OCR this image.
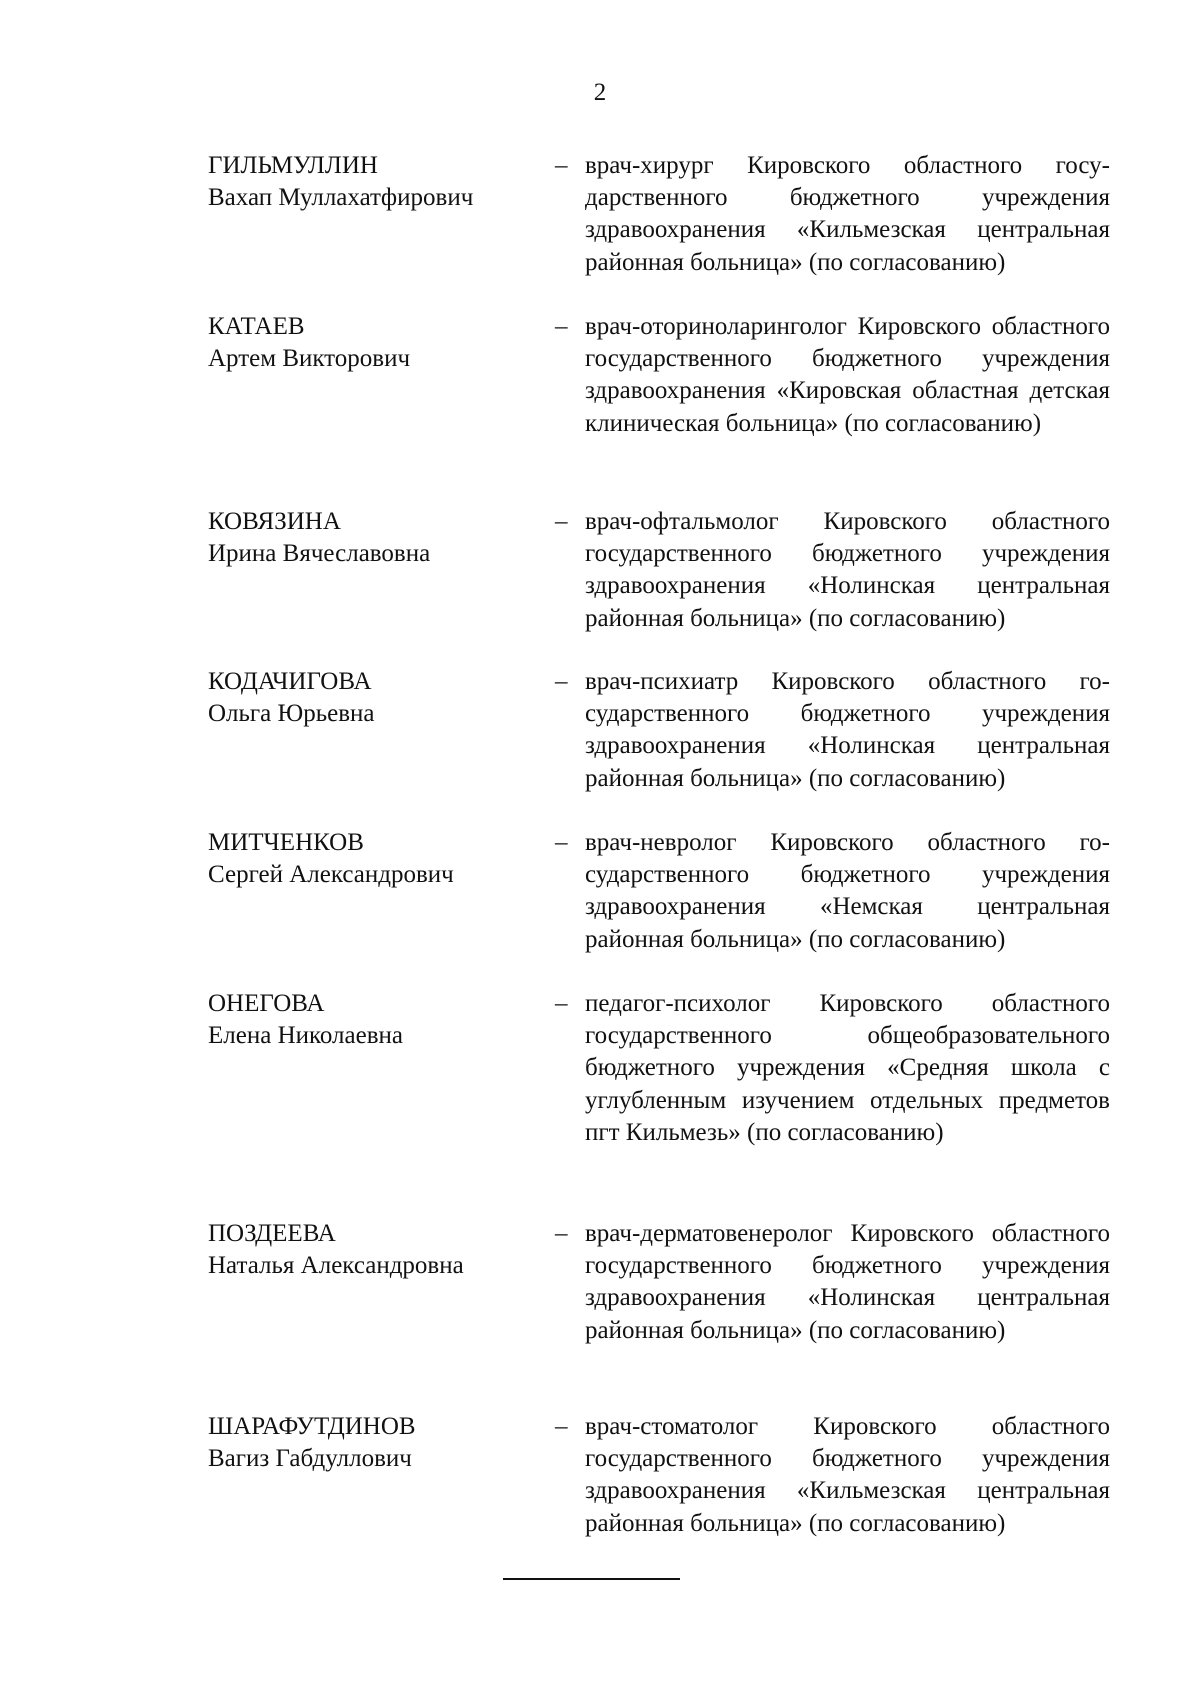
2
ГИЛЬМУЛЛИН
Вахап Муллахатфирович
– врач-хирург Кировского областного государственного бюджетного учреждения здравоохранения «Кильмезская центральная районная больница» (по согласованию)
КАТАЕВ
Артем Викторович
– врач-оториноларинголог Кировского областного государственного бюджетного учреждения здравоохранения «Кировская областная детская клиническая больница» (по согласованию)
КОВЯЗИНА
Ирина Вячеславовна
– врач-офтальмолог Кировского областного государственного бюджетного учреждения здравоохранения «Нолинская центральная районная больница» (по согласованию)
КОДАЧИГОВА
Ольга Юрьевна
– врач-психиатр Кировского областного государственного бюджетного учреждения здравоохранения «Нолинская центральная районная больница» (по согласованию)
МИТЧЕНКОВ
Сергей Александрович
– врач-невролог Кировского областного государственного бюджетного учреждения здравоохранения «Немская центральная районная больница» (по согласованию)
ОНЕГОВА
Елена Николаевна
– педагог-психолог Кировского областного государственного общеобразовательного бюджетного учреждения «Средняя школа с углубленным изучением отдельных предметов пгт Кильмезь» (по согласованию)
ПОЗДЕЕВА
Наталья Александровна
– врач-дерматовенеролог Кировского областного государственного бюджетного учреждения здравоохранения «Нолинская центральная районная больница» (по согласованию)
ШАРАФУТДИНОВ
Вагиз Габдуллович
– врач-стоматолог Кировского областного государственного бюджетного учреждения здравоохранения «Кильмезская центральная районная больница» (по согласованию)
